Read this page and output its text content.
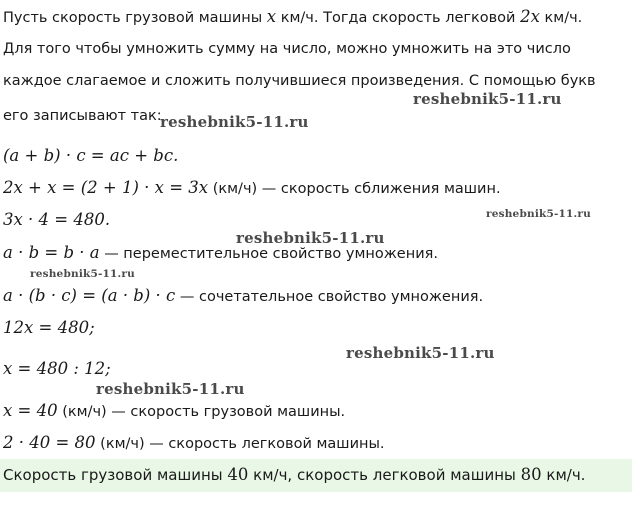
Пусть скорость грузовой машины x км/ч. Тогда скорость легковой 2x км/ч.
Для того чтобы умножить сумму на число, можно умножить на это число
каждое слагаемое и сложить получившиеся произведения. С помощью букв
его записывают так:
(a + b) · c = ac + bc.
2x + x = (2 + 1) · x = 3x (км/ч) — скорость сближения машин.
3x · 4 = 480.
a · b = b · a — переместительное свойство умножения.
a · (b · c) = (a · b) · c — сочетательное свойство умножения.
12x = 480;
x = 480 : 12;
x = 40 (км/ч) — скорость грузовой машины.
2 · 40 = 80 (км/ч) — скорость легковой машины.
Скорость грузовой машины 40 км/ч, скорость легковой машины 80 км/ч.
reshebnik5-11.ru
reshebnik5-11.ru
reshebnik5-11.ru
reshebnik5-11.ru
reshebnik5-11.ru
reshebnik5-11.ru
reshebnik5-11.ru
